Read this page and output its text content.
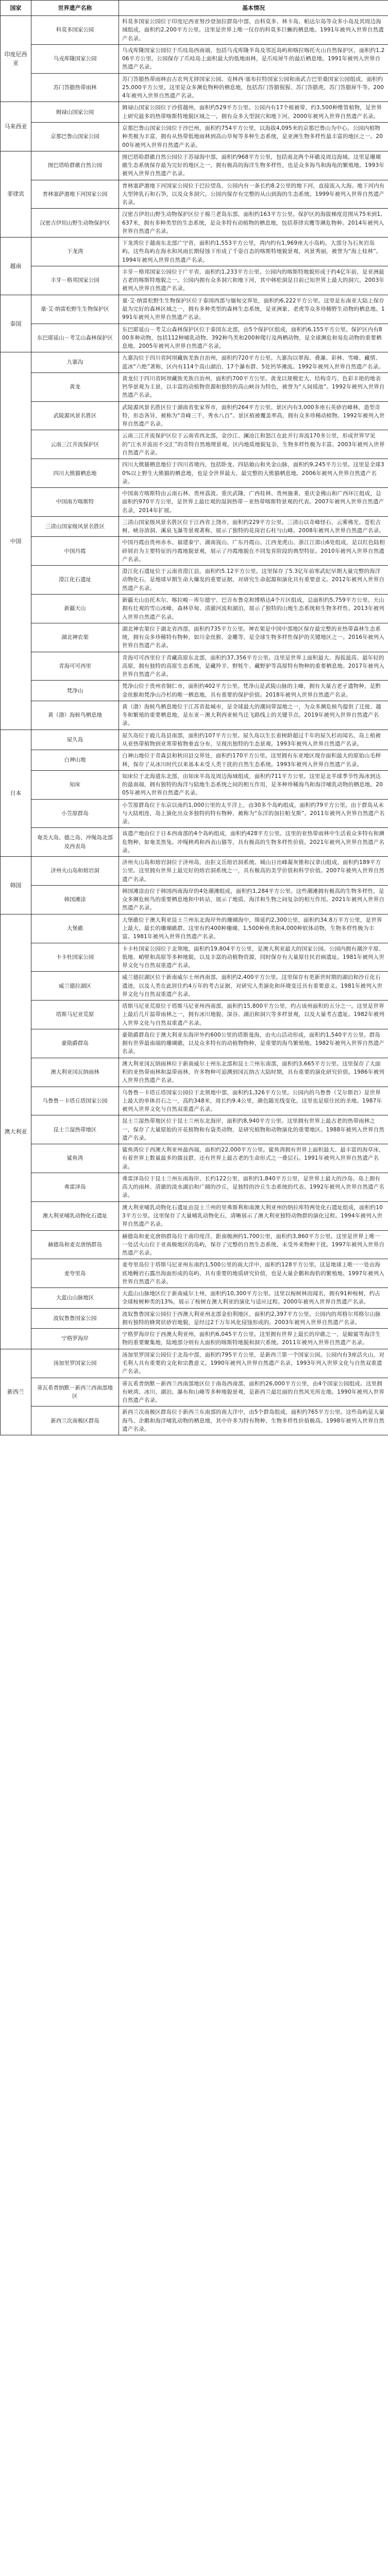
国家	世界遗产名称	基本情况
印度尼西亚	科莫多国家公园	科莫多国家公园位于印度尼西亚努沙登加拉群岛中部，由科莫多、林卡岛、帕达尔岛等众多小岛及其周边海域组成，面积约2,200平方公里。这里是世界上唯一仅存的科莫多巨蜥的栖息地。1991年被列入世界自然遗产名录。
	乌戎库隆国家公园	乌戎库隆国家公园位于爪哇岛西南端，包括乌戎库隆半岛及邻近岛屿和喀拉喀托火山自然保护区，面积约1,206平方公里。公园保存了爪哇岛上面积最大的低地雨林，是爪哇犀牛的最后栖息地。1991年被列入世界自然遗产名录。
	苏门答腊热带雨林	苏门答腊热带雨林由古农列尤择国家公园、克林西·塞布拉特国家公园和南武吉巴里桑国家公园组成，面积约25,000平方公里。这里是众多濒危物种的栖息地，包括苏门答腊猩猩、苏门答腊虎、苏门答腊犀牛等。2004年被列入世界自然遗产名录。
马来西亚	姆禄山国家公园	姆禄山国家公园位于沙捞越州，面积约529平方公里。公园内有17个植被带，约3,500种维管植物，是世界上研究最多的热带喀斯特地貌区域之一，拥有众多大型洞穴和地下河。2000年被列入世界自然遗产名录。
	京那巴鲁山国家公园	京那巴鲁山国家公园位于沙巴州，面积约754平方公里，以海拔4,095米的京那巴鲁山为中心。公园内植物种类极为丰富，拥有从热带低地雨林到高山草甸等多种生态系统，是亚洲生物多样性最丰富的地区之一。2000年被列入世界自然遗产名录。
菲律宾	图巴塔哈群礁自然公园	图巴塔哈群礁自然公园位于苏禄海中部，面积约968平方公里，包括南北两个环礁及周边海域。这里是珊瑚礁生态系统保存最为完好的地区之一，拥有极高的海洋生物多样性，也是众多海鸟和海龟的繁殖地。1993年被列入世界自然遗产名录。
	普林塞萨港地下河国家公园	普林塞萨港地下河国家公园位于巴拉望岛，公园内有一条长约8.2公里的地下河，直接流入大海。地下河内有大型钟乳石和石笋，以及众多洞穴。公园内保存有完整的从山到海的生态系统。1999年被列入世界自然遗产名录。
	汉密吉伊坦山野生动物保护区	汉密吉伊坦山野生动物保护区位于棉兰老岛东部，面积约163平方公里。保护区的海拔梯度范围从75米到1,637米，拥有多种类型的生态系统，是众多特有动植物的栖息地，包括菲律宾鹰等濒危物种。2014年被列入世界自然遗产名录。
越南	下龙湾	下龙湾位于越南东北部广宁省，面积约1,553平方公里，湾内约有1,969座大小岛屿，大部分为石灰岩岛屿。这些岛屿在海水和风雨长期侵蚀下形成了千姿百态的喀斯特地貌景观，风景秀丽，被誉为“海上桂林”。1994年被列入世界自然遗产名录。
	丰芽－格邦国家公园	丰芽－格邦国家公园位于广平省，面积约1,233平方公里。公园内的喀斯特地貌形成于约4亿年前，是亚洲最古老的喀斯特地貌之一。公园内拥有众多洞穴和地下河，其中韩松洞是目前已知世界上最大的洞穴。2003年被列入世界自然遗产名录。
泰国	童·艾·纳雷松野生生物保护区	童·艾·纳雷松野生生物保护区位于泰国西部与缅甸交界处，面积约6,222平方公里。这里是东南亚大陆上保存最为完好的森林区域之一，拥有多种类型的森林生态系统，是亚洲象、老虎等众多珍稀野生动物的栖息地。1991年被列入世界自然遗产名录。
	东巴耶延山－考艾山森林保护区	东巴耶延山－考艾山森林保护区位于泰国东北部，由5个保护区组成，面积约6,155平方公里。保护区内有800多种动物，包括112种哺乳动物、392种鸟类和200种爬行及两栖动物，是全球濒危和易危动物的重要栖息地。2005年被列入世界自然遗产名录。
中国	九寨沟	九寨沟位于四川省阿坝藏族羌族自治州，面积约720平方公里。九寨沟以翠海、叠瀑、彩林、雪峰、藏情、蓝冰“六绝”著称，区内有114个高山湖泊、17个瀑布群、5处钙华滩流。1992年被列入世界自然遗产名录。
	黄龙	黄龙位于四川省阿坝藏族羌族自治州，面积约700平方公里。黄龙以规模宏大、结构奇巧、色彩丰艳的地表钙华景观为主景，以丰富的动植物资源和独特的高山峡谷为特色，被誉为“人间瑶池”。1992年被列入世界自然遗产名录。
	武陵源风景名胜区	武陵源风景名胜区位于湖南省张家界市，面积约264平方公里。景区内有3,000多座石英砂岩峰林，造型奇特，形态各异，被称为“奇峰三千，秀水八百”。景区植被覆盖率高，拥有众多珍稀动植物。1992年被列入世界自然遗产名录。
	云南三江并流保护区	云南三江并流保护区位于云南省西北部，金沙江、澜沧江和怒江在此并行奔流170多公里，形成世界罕见的“江水并流而不交汇”的奇特自然地理景观。区内地质地貌复杂，生物多样性极为丰富。2003年被列入世界自然遗产名录。
	四川大熊猫栖息地	四川大熊猫栖息地位于四川省境内，包括卧龙、四姑娘山和夹金山脉，面积约9,245平方公里。这里是全球30%以上野生大熊猫的栖息地，也是全世界最大、最完整的大熊猫栖息地。2006年被列入世界自然遗产名录。
	中国南方喀斯特	中国南方喀斯特由云南石林、贵州荔波、重庆武隆、广西桂林、贵州施秉、重庆金佛山和广西环江组成，总面积约970平方公里，是世界上最壮观的湿润热带－亚热带喀斯特景观的代表。2007年被列入世界自然遗产名录，2014年扩展。
	三清山国家级风景名胜区	三清山国家级风景名胜区位于江西省上饶市，面积约229平方公里。三清山以奇峰怪石、云雾佛光、苍松古树、峡谷溶洞、溪泉飞瀑等景观著称，展示了独特的花岗岩石柱与山峰。2008年被列入世界自然遗产名录。
	中国丹霞	中国丹霞由贵州赤水、福建泰宁、湖南崀山、广东丹霞山、江西龙虎山、浙江江郎山6处组成，是以红色陆相碎屑岩为主要特征的丹霞地貌景观，展示了丹霞地貌在不同发育阶段的典型特征。2010年被列入世界自然遗产名录。
	澄江化石遗址	澄江化石遗址位于云南省澄江县，面积约5.12平方公里。这里保存了5.3亿年前寒武纪早期大量完整的海洋动物化石，是地球早期生命大爆发的重要证据，对研究生命起源和演化具有重要意义。2012年被列入世界自然遗产名录。
	新疆天山	新疆天山由托木尔、喀拉峻－库尔德宁、巴音布鲁克和博格达4个片区组成，总面积约5,759平方公里。天山拥有壮观的雪山冰峰、森林草甸、清澈河流和湖泊，展示了独特的山地生态系统和生物多样性。2013年被列入世界自然遗产名录。
	湖北神农架	湖北神农架位于湖北省西部，面积约735平方公里。神农架是中国中部地区保存最完整的亚热带森林生态系统，拥有众多珍稀特有物种，如川金丝猴、金雕等，是全球生物多样性保护的关键地区之一。2016年被列入世界自然遗产名录。
	青海可可西里	青海可可西里位于青藏高原东北部，面积约37,356平方公里。这里是世界上面积最大、海拔最高、最年轻的高原，拥有独特的高原生态系统，是藏羚羊、野牦牛、藏野驴等高原特有物种的重要栖息地。2017年被列入世界自然遗产名录。
	梵净山	梵净山位于贵州省铜仁市，面积约402平方公里。梵净山是武陵山脉的主峰，拥有大量古老孑遗物种，是黔金丝猴和梵净山冷杉的唯一栖息地，具有重要的保护价值。2018年被列入世界自然遗产名录。
	黄（渤）海候鸟栖息地	黄（渤）海候鸟栖息地位于江苏省盐城市，是全球最大的潮间带湿地之一，为众多濒危候鸟提供了迁徙、越冬和繁殖的重要栖息地，是东亚－澳大利西亚候鸟迁飞路线上的关键节点。2019年被列入世界自然遗产名录。
日本	屋久岛	屋久岛位于鹿儿岛县南部，面积约107平方公里。屋久岛以生长着树龄超过千年的屋久杉而闻名，岛上植被从亚热带植物到亚寒带植物垂直分布，呈现出独特的生态景观。1993年被列入世界自然遗产名录。
	白神山地	白神山地位于青森县和秋田县交界处，面积约170平方公里。这里拥有东亚地区现存面积最大的原始山毛榉林，保存了从冰川时代以来基本未受人类干扰的自然生态系统。1993年被列入世界自然遗产名录。
	知床	知床位于北海道东北部，由知床半岛及周边海域组成，面积约711平方公里。这里是北半球季节性海冰到达的最南端，拥有独特的海洋与陆地生态系统之间的相互作用，是多种珍稀海鸟和海洋哺乳动物的栖息地。2005年被列入世界自然遗产名录。
	小笠原群岛	小笠原群岛位于东京以南约1,000公里的太平洋上，由30多个岛屿组成，面积约79平方公里。由于群岛从未与大陆相连，岛上演化出众多独特的特有物种，被称为“东洋的加拉帕戈斯”。2011年被列入世界自然遗产名录。
	奄美大岛、德之岛、冲绳岛北部及西表岛	该遗产地由位于日本西南部的4个岛屿组成，面积约428平方公里。这里的亚热带雨林中生活着众多特有和濒危物种，如奄美黑兔、冲绳秧鸡和西表山猫等，具有极高的生物多样性价值。2021年被列入世界自然遗产名录。
韩国	济州火山岛和熔岩洞	济州火山岛和熔岩洞位于济州岛，由拒文岳熔岩洞系统、城山日出峰凝灰锥和汉拿山组成，面积约189平方公里。这里拥有世界上最完好的熔岩洞系统之一，具有极高的美学价值和科学价值。2007年被列入世界自然遗产名录。
	韩国滩涂	韩国滩涂由位于韩国西南海岸的4处潮滩组成，面积约1,284平方公里。这些潮滩拥有极高的生物多样性，是众多濒危候鸟的重要栖息地和中转站，展示了地质、海洋和生物之间复杂的相互作用。2021年被列入世界自然遗产名录。
澳大利亚	大堡礁	大堡礁位于澳大利亚昆士兰州东北海岸外的珊瑚海中，绵延约2,300公里，面积约34.8万平方公里，是世界上最大、最长的珊瑚礁群。这里有约400种珊瑚、1,500种鱼类和4,000种软体动物，生物多样性极为丰富。1981年被列入世界自然遗产名录。
	卡卡杜国家公园	卡卡杜国家公园位于北领地，面积约19,804平方公里，是澳大利亚最大的国家公园。公园内拥有潮汐平原、低地、峭壁和高原等多种地貌，以及丰富的动植物资源，同时保存有大量原住民岩画遗址。1981年被列入世界文化与自然双重遗产名录。
	威兰德拉湖区	威兰德拉湖区位于新南威尔士州西南部，面积约2,400平方公里。这里保存有更新世时期的湖泊和沙丘化石遗迹，以及人类在此居住约4万年的考古证据，对研究人类演化和环境变迁具有重要意义。1981年被列入世界文化与自然双重遗产名录。
	塔斯马尼亚荒原	塔斯马尼亚荒原位于塔斯马尼亚州西南部，面积约15,800平方公里，约占该州面积的五分之一。这里是世界上最后几片温带雨林之一，拥有冰川地貌、深谷、湖泊和洞穴等多样景观，以及大量考古遗址。1982年被列入世界文化与自然双重遗产名录。
	豪勋爵群岛	豪勋爵群岛位于澳大利亚东海岸外约600公里的塔斯曼海，由火山活动形成，面积约1,540平方公里。群岛拥有世界最南端的珊瑚礁，以及众多特有的动植物物种，是重要的海鸟繁殖地。1982年被列入世界自然遗产名录。
	澳大利亚冈瓦纳雨林	澳大利亚冈瓦纳雨林位于新南威尔士州东北部和昆士兰州东南部，面积约3,665平方公里。这里保存了大面积的亚热带雨林和温带雨林，许多物种可追溯到冈瓦纳古大陆时期，具有重要的演化研究价值。1986年被列入世界自然遗产名录。
	乌鲁鲁－卡塔丘塔国家公园	乌鲁鲁－卡塔丘塔国家公园位于北领地中部，面积约1,326平方公里。公园内的乌鲁鲁（艾尔斯岩）是世界上最大的单体岩石之一，高约348米，周长约9.4公里，颜色随光线变化。这里也是原住民的圣地。1987年被列入世界文化与自然双重遗产名录。
	昆士兰湿热带地区	昆士兰湿热带地区位于昆士兰州东北海岸，面积约8,940平方公里。这里拥有世界上最古老的热带雨林之一，保存了大量原始的开花植物和有袋类动物，是研究植物和动物演化的重要地区。1988年被列入世界自然遗产名录。
	鲨鱼湾	鲨鱼湾位于西澳大利亚州最西端，面积约22,000平方公里。鲨鱼湾拥有世界上面积最大、最丰富的海草床，有着世界上数量最多的儒艮群，还有世界上最古老的生命形式之一叠层石。1991年被列入世界自然遗产名录。
	弗雷泽岛	弗雷泽岛位于昆士兰州东南海岸，长约122公里，面积约1,840平方公里，是世界上最大的沙岛。岛上拥有高大的雨林、清澈的淡水湖泊和广阔的沙丘，是独特的沙丘生态系统的代表。1992年被列入世界自然遗产名录。
	澳大利亚哺乳动物化石遗址	澳大利亚哺乳动物化石遗址由昆士兰州的里弗斯利和南澳大利亚州的纳拉库特两处化石遗址组成，面积约103平方公里。这里保存了大量哺乳动物化石，清晰展示了澳大利亚独特动物群的演化过程。1994年被列入世界自然遗产名录。
	赫德岛和麦克唐纳群岛	赫德岛和麦克唐纳群岛位于南印度洋，距南极洲约1,700公里，面积约3,860平方公里。这里是世界上唯一一处活火山位于亚南极地区的岛屿，保存了完整的自然生态系统，未受外来物种干扰。1997年被列入世界自然遗产名录。
	麦夸里岛	麦夸里岛位于塔斯马尼亚州东南约1,500公里的南大洋中，面积约128平方公里。这是地球上唯一一处由海底地幔岩石露出海面形成的岛屿，具有重要的地质研究价值，也是大量企鹅和海豹的繁殖地。1997年被列入世界自然遗产名录。
	大蓝山山脉地区	大蓝山山脉地区位于新南威尔士州，面积约10,300平方公里。这里以桉树林而闻名，拥有91种桉树，约占全球桉树种类的13%，展示了桉树在澳大利亚的演化与适应过程。2000年被列入世界自然遗产名录。
	波奴鲁鲁国家公园	波奴鲁鲁国家公园位于西澳大利亚州北部金伯利地区，面积约2,397平方公里。公园内的邦格尔邦格尔山脉拥有独特的蜂窝状砂岩地貌，是经过2千万年风化侵蚀形成的。2003年被列入世界自然遗产名录。
	宁格罗海岸	宁格罗海岸位于西澳大利亚州，面积约6,045平方公里。这里拥有世界上最长的岸礁之一，是鲸鲨等海洋生物的重要聚集地，陆地部分则有大面积的喀斯特地貌和洞穴系统。2011年被列入世界自然遗产名录。
新西兰	汤加里罗国家公园	汤加里罗国家公园位于北岛中部，面积约795平方公里，是新西兰第一个国家公园。公园内有3座活火山，对毛利人具有重要的文化和宗教意义。1990年被列入世界自然遗产名录，1993年列入世界文化与自然双重遗产名录。
	蒂瓦希普纳默－新西兰西南部地区	蒂瓦希普纳默－新西兰西南部地区位于南岛西南部，面积约26,000平方公里，由4个国家公园组成。这里拥有峡湾、冰川、湖泊、瀑布和山峰等多种地貌景观，是新西兰最壮丽的自然风光所在地。1990年被列入世界自然遗产名录。
	新西兰次南极区群岛	新西兰次南极区群岛位于新西兰东南部的南大洋中，由5个群岛组成，面积约765平方公里。这些岛屿是大量海鸟、企鹅和海洋哺乳动物的栖息地，其中许多为特有物种，生物多样性价值极高。1998年被列入世界自然遗产名录。
